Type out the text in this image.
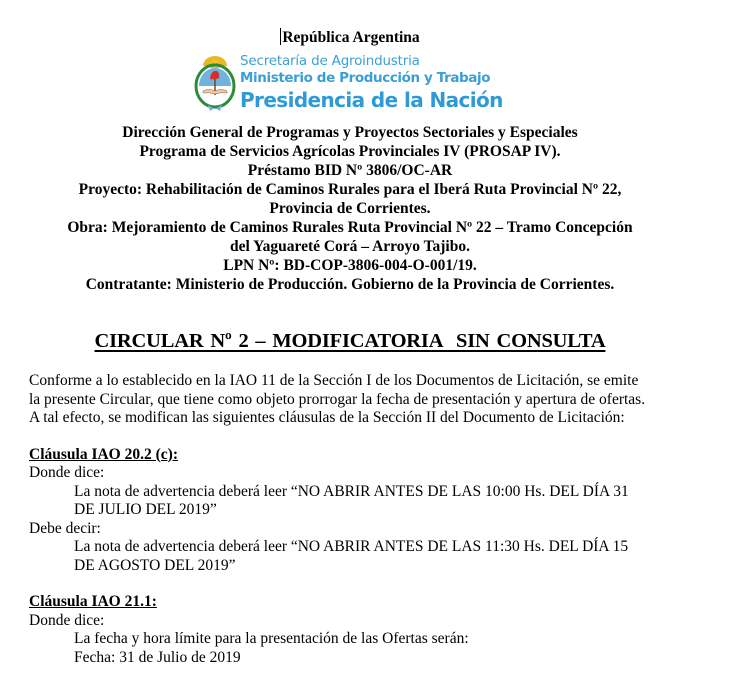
República Argentina
Secretaría de Agroindustria
Ministerio de Producción y Trabajo
Presidencia de la Nación
Dirección General de Programas y Proyectos Sectoriales y Especiales
Programa de Servicios Agrícolas Provinciales IV (PROSAP IV).
Préstamo BID Nº 3806/OC-AR
Proyecto: Rehabilitación de Caminos Rurales para el Iberá Ruta Provincial Nº 22,
Provincia de Corrientes.
Obra: Mejoramiento de Caminos Rurales Ruta Provincial Nº 22 – Tramo Concepción
del Yaguareté Corá – Arroyo Tajibo.
LPN Nº: BD-COP-3806-004-O-001/19.
Contratante: Ministerio de Producción. Gobierno de la Provincia de Corrientes.
CIRCULAR Nº 2 – MODIFICATORIA  SIN CONSULTA
Conforme a lo establecido en la IAO 11 de la Sección I de los Documentos de Licitación, se emite
la presente Circular, que tiene como objeto prorrogar la fecha de presentación y apertura de ofertas.
A tal efecto, se modifican las siguientes cláusulas de la Sección II del Documento de Licitación:
Cláusula IAO 20.2 (c):
Donde dice:
La nota de advertencia deberá leer “NO ABRIR ANTES DE LAS 10:00 Hs. DEL DÍA 31
DE JULIO DEL 2019”
Debe decir:
La nota de advertencia deberá leer “NO ABRIR ANTES DE LAS 11:30 Hs. DEL DÍA 15
DE AGOSTO DEL 2019”
Cláusula IAO 21.1:
Donde dice:
La fecha y hora límite para la presentación de las Ofertas serán:
Fecha: 31 de Julio de 2019
